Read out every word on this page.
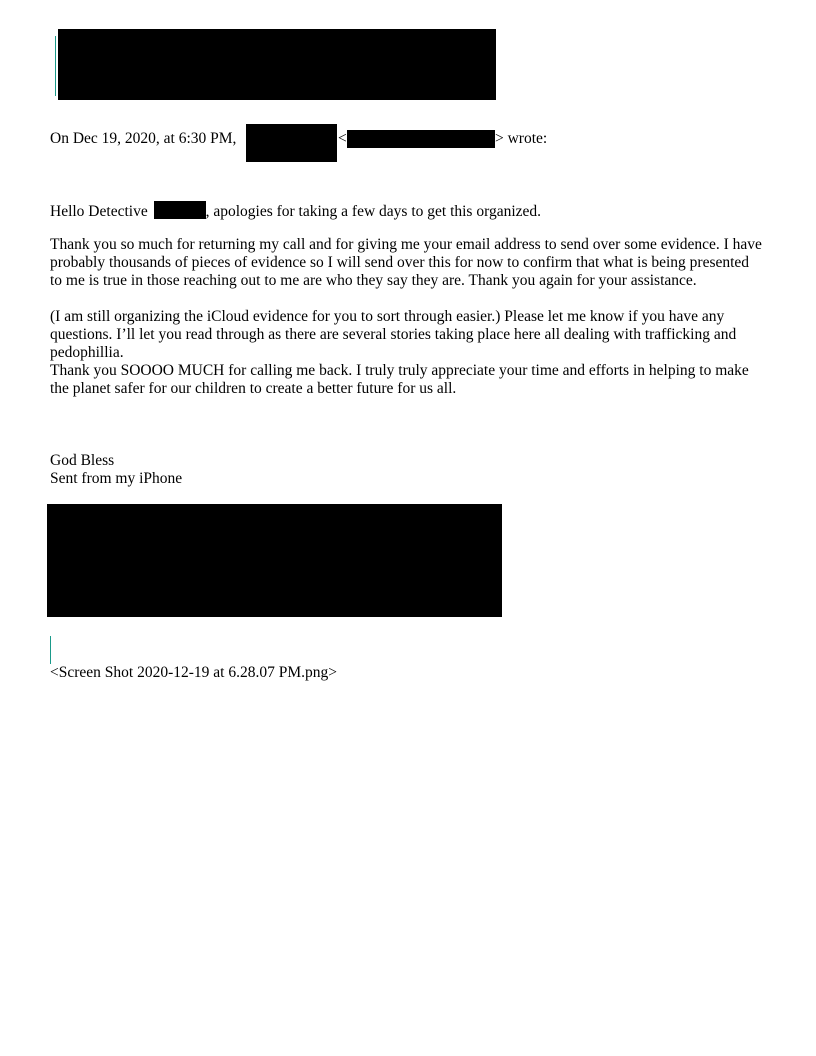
On Dec 19, 2020, at 6:30 PM,	<	> wrote:
Hello Detective	, apologies for taking a few days to get this organized.
Thank you so much for returning my call and for giving me your email address to send over some evidence. I have probably thousands of pieces of evidence so I will send over this for now to confirm that what is being presented to me is true in those reaching out to me are who they say they are. Thank you again for your assistance.
(I am still organizing the iCloud evidence for you to sort through easier.) Please let me know if you have any questions. I’ll let you read through as there are several stories taking place here all dealing with trafficking and pedophillia.
Thank you SOOOO MUCH for calling me back. I truly truly appreciate your time and efforts in helping to make the planet safer for our children to create a better future for us all.
God Bless
Sent from my iPhone
<Screen Shot 2020-12-19 at 6.28.07 PM.png>
